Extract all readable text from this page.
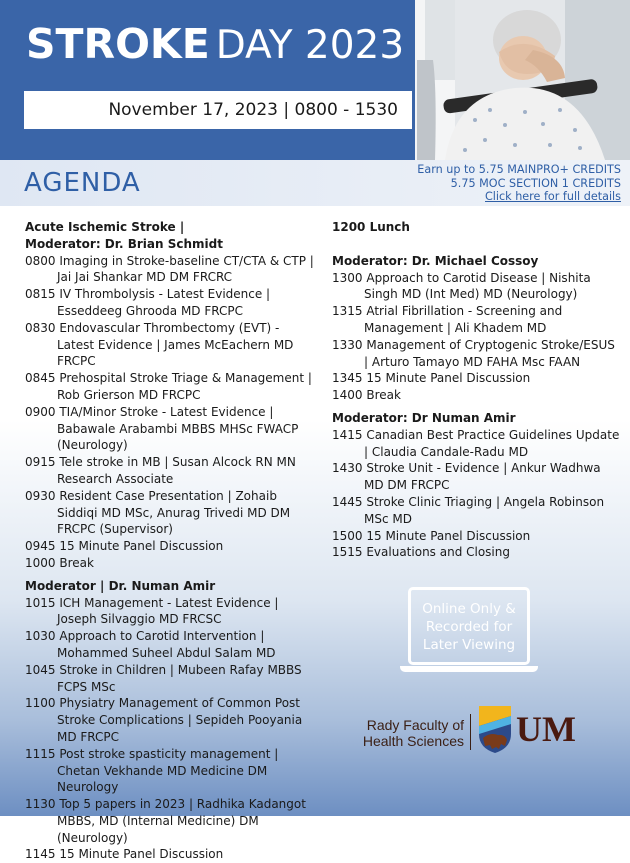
STROKE DAY 2023
November 17, 2023 | 0800 - 1530
AGENDA	Earn up to 5.75 MAINPRO+ CREDITS
5.75 MOC SECTION 1 CREDITS
Click here for full details
Acute Ischemic Stroke |
Moderator: Dr. Brian Schmidt
0800 Imaging in Stroke-baseline CT/CTA & CTP | Jai Jai Shankar MD DM FRCRC
0815 IV Thrombolysis - Latest Evidence | Esseddeeg Ghrooda MD FRCPC
0830 Endovascular Thrombectomy (EVT) - Latest Evidence | James McEachern MD FRCPC
0845 Prehospital Stroke Triage & Management | Rob Grierson MD FRCPC
0900 TIA/Minor Stroke - Latest Evidence | Babawale Arabambi MBBS MHSc FWACP (Neurology)
0915 Tele stroke in MB | Susan Alcock RN MN Research Associate
0930 Resident Case Presentation | Zohaib Siddiqi MD MSc, Anurag Trivedi MD DM FRCPC (Supervisor)
0945 15 Minute Panel Discussion
1000 Break
Moderator | Dr. Numan Amir
1015 ICH Management - Latest Evidence | Joseph Silvaggio MD FRCSC
1030 Approach to Carotid Intervention | Mohammed Suheel Abdul Salam MD
1045 Stroke in Children | Mubeen Rafay MBBS FCPS MSc
1100 Physiatry Management of Common Post Stroke Complications | Sepideh Pooyania MD FRCPC
1115 Post stroke spasticity management | Chetan Vekhande MD Medicine DM Neurology
1130 Top 5 papers in 2023 | Radhika Kadangot MBBS, MD (Internal Medicine) DM (Neurology)
1145 15 Minute Panel Discussion
1200 Lunch
Moderator: Dr. Michael Cossoy
1300 Approach to Carotid Disease | Nishita Singh MD (Int Med) MD (Neurology)
1315 Atrial Fibrillation - Screening and Management | Ali Khadem MD
1330 Management of Cryptogenic Stroke/ESUS | Arturo Tamayo MD FAHA Msc FAAN
1345 15 Minute Panel Discussion
1400 Break
Moderator: Dr Numan Amir
1415 Canadian Best Practice Guidelines Update | Claudia Candale-Radu MD
1430 Stroke Unit - Evidence | Ankur Wadhwa MD DM FRCPC
1445 Stroke Clinic Triaging | Angela Robinson MSc MD
1500 15 Minute Panel Discussion
1515 Evaluations and Closing
Online Only &
Recorded for
Later Viewing
Rady Faculty of
Health Sciences UM
